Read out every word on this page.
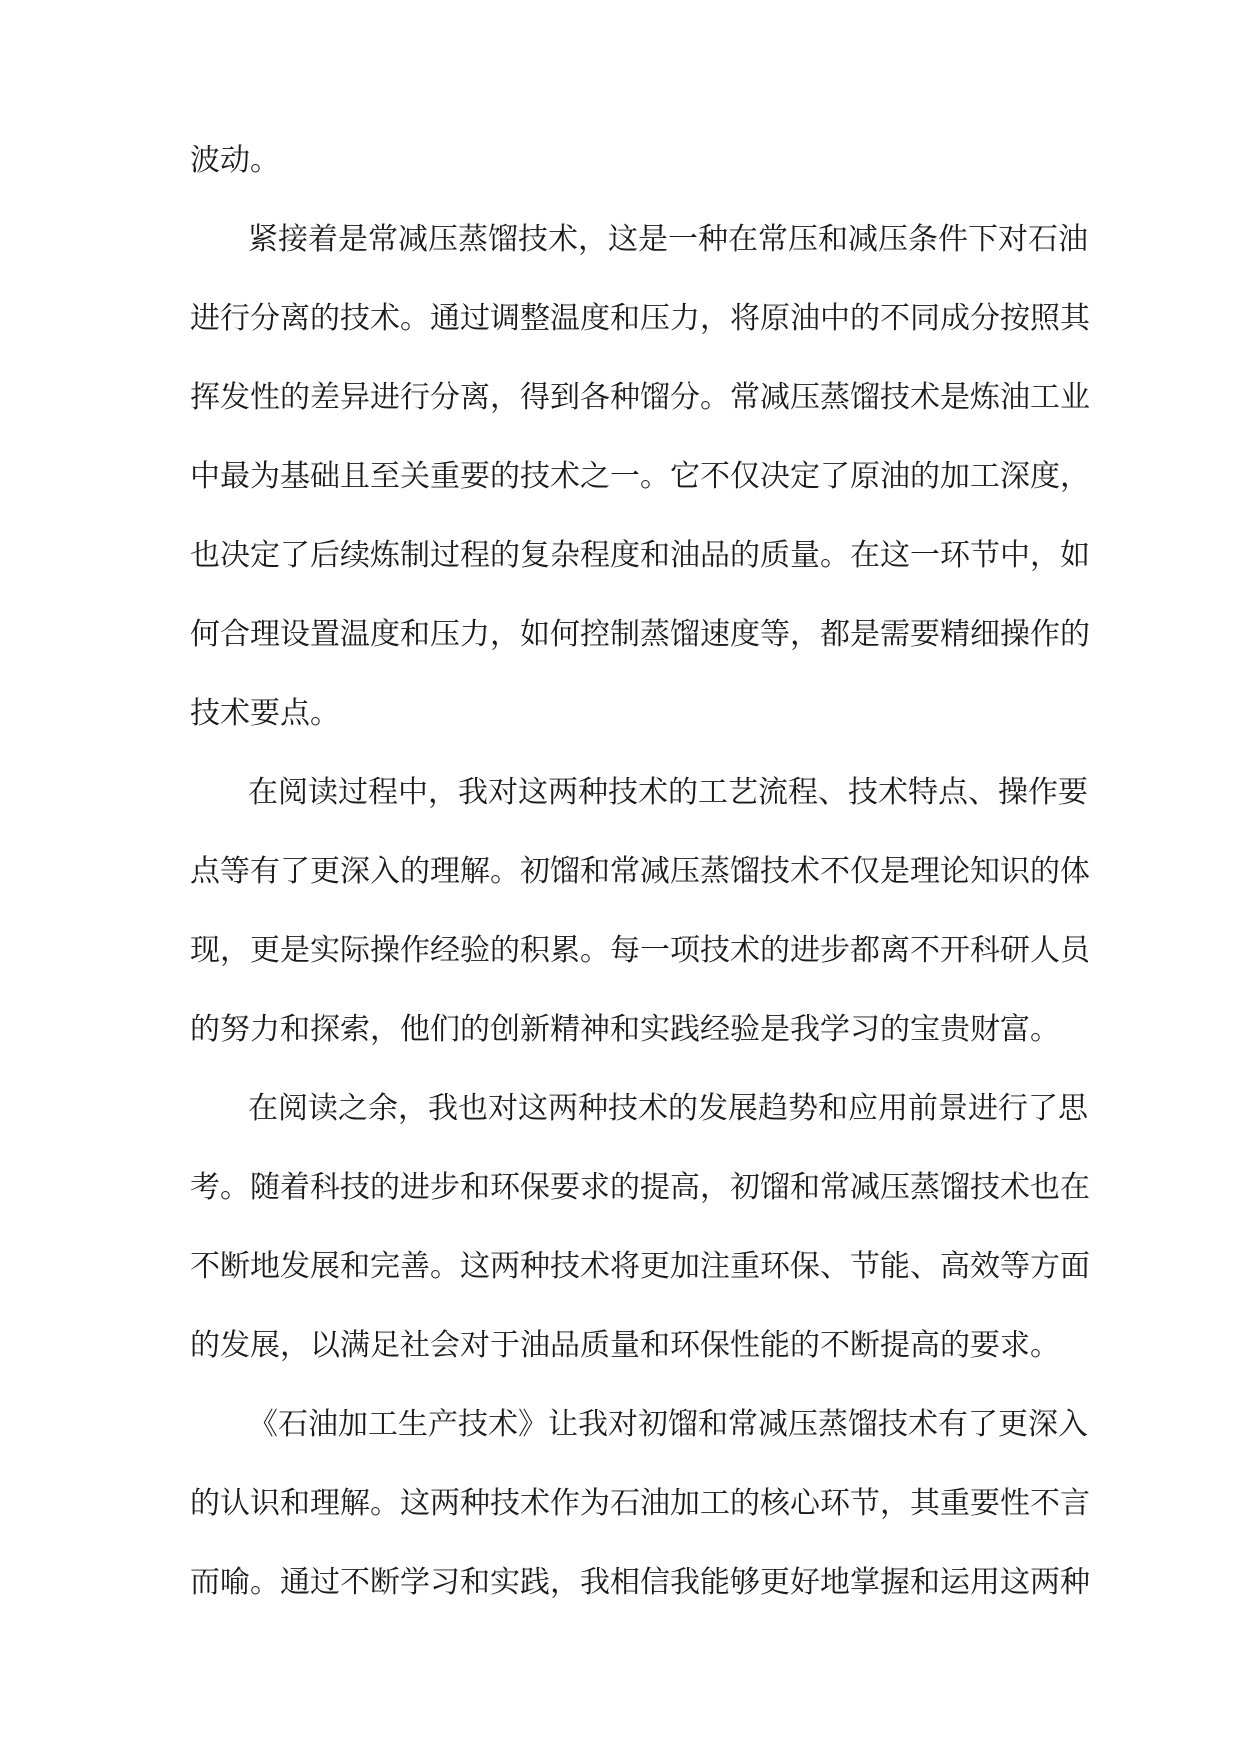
波动。
紧接着是常减压蒸馏技术，这是一种在常压和减压条件下对石油
进行分离的技术。通过调整温度和压力，将原油中的不同成分按照其
挥发性的差异进行分离，得到各种馏分。常减压蒸馏技术是炼油工业
中最为基础且至关重要的技术之一。它不仅决定了原油的加工深度，
也决定了后续炼制过程的复杂程度和油品的质量。在这一环节中，如
何合理设置温度和压力，如何控制蒸馏速度等，都是需要精细操作的
技术要点。
在阅读过程中，我对这两种技术的工艺流程、技术特点、操作要
点等有了更深入的理解。初馏和常减压蒸馏技术不仅是理论知识的体
现，更是实际操作经验的积累。每一项技术的进步都离不开科研人员
的努力和探索，他们的创新精神和实践经验是我学习的宝贵财富。
在阅读之余，我也对这两种技术的发展趋势和应用前景进行了思
考。随着科技的进步和环保要求的提高，初馏和常减压蒸馏技术也在
不断地发展和完善。这两种技术将更加注重环保、节能、高效等方面
的发展，以满足社会对于油品质量和环保性能的不断提高的要求。
《石油加工生产技术》让我对初馏和常减压蒸馏技术有了更深入
的认识和理解。这两种技术作为石油加工的核心环节，其重要性不言
而喻。通过不断学习和实践，我相信我能够更好地掌握和运用这两种
